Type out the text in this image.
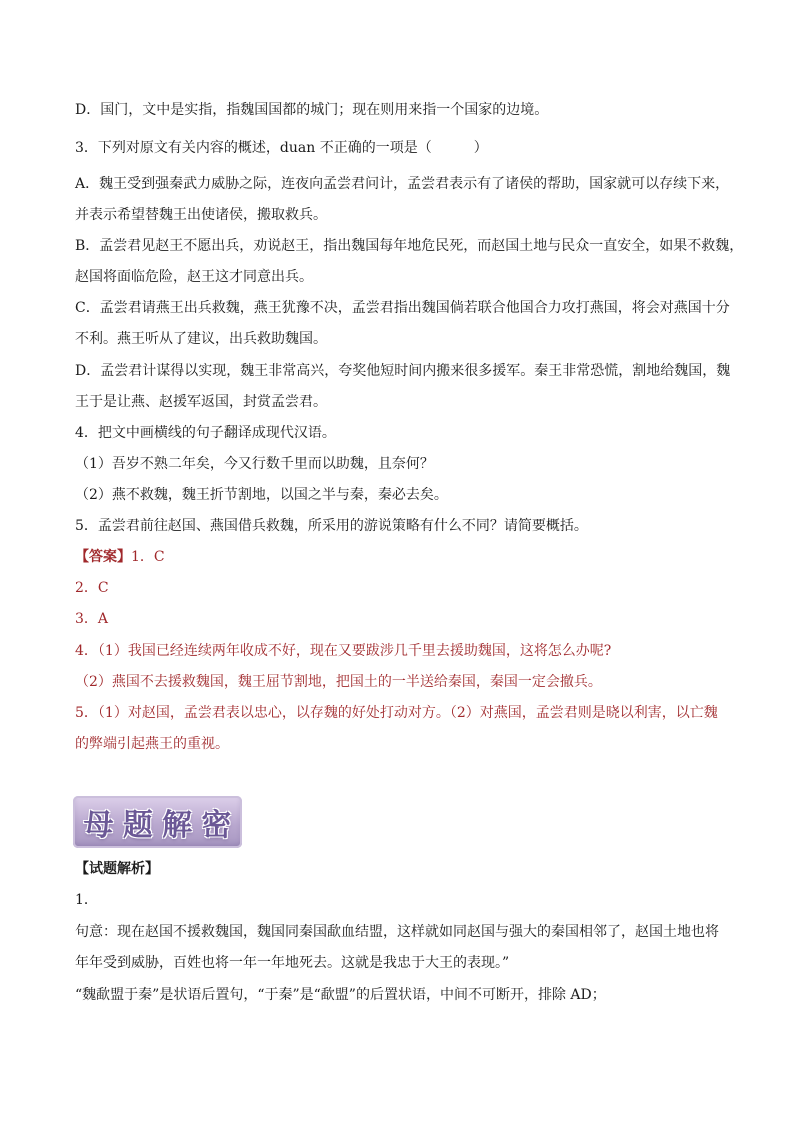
D．国门，文中是实指，指魏国国都的城门；现在则用来指一个国家的边境。
3．下列对原文有关内容的概述，duan 不正确的一项是（　　　）
A．魏王受到强秦武力威胁之际，连夜向孟尝君问计，孟尝君表示有了诸侯的帮助，国家就可以存续下来，
并表示希望替魏王出使诸侯，搬取救兵。
B．孟尝君见赵王不愿出兵，劝说赵王，指出魏国每年地危民死，而赵国土地与民众一直安全，如果不救魏，
赵国将面临危险，赵王这才同意出兵。
C．孟尝君请燕王出兵救魏，燕王犹豫不决，孟尝君指出魏国倘若联合他国合力攻打燕国，将会对燕国十分
不利。燕王听从了建议，出兵救助魏国。
D．孟尝君计谋得以实现，魏王非常高兴，夸奖他短时间内搬来很多援军。秦王非常恐慌，割地给魏国，魏
王于是让燕、赵援军返国，封赏孟尝君。
4．把文中画横线的句子翻译成现代汉语。
（1）吾岁不熟二年矣，今又行数千里而以助魏，且奈何？
（2）燕不救魏，魏王折节割地，以国之半与秦，秦必去矣。
5．孟尝君前往赵国、燕国借兵救魏，所采用的游说策略有什么不同？请简要概括。
【答案】1．C
2．C
3．A
4．（1）我国已经连续两年收成不好，现在又要跋涉几千里去援助魏国，这将怎么办呢?
（2）燕国不去援救魏国，魏王屈节割地，把国土的一半送给秦国，秦国一定会撤兵。
5．（1）对赵国，孟尝君表以忠心，以存魏的好处打动对方。（2）对燕国，孟尝君则是晓以利害，以亡魏
的弊端引起燕王的重视。
母 题 解 密
【试题解析】
1．
句意：现在赵国不援救魏国，魏国同秦国歃血结盟，这样就如同赵国与强大的秦国相邻了，赵国土地也将
年年受到威胁，百姓也将一年一年地死去。这就是我忠于大王的表现。”
“魏歃盟于秦”是状语后置句，“于秦”是“歃盟”的后置状语，中间不可断开，排除 AD；
